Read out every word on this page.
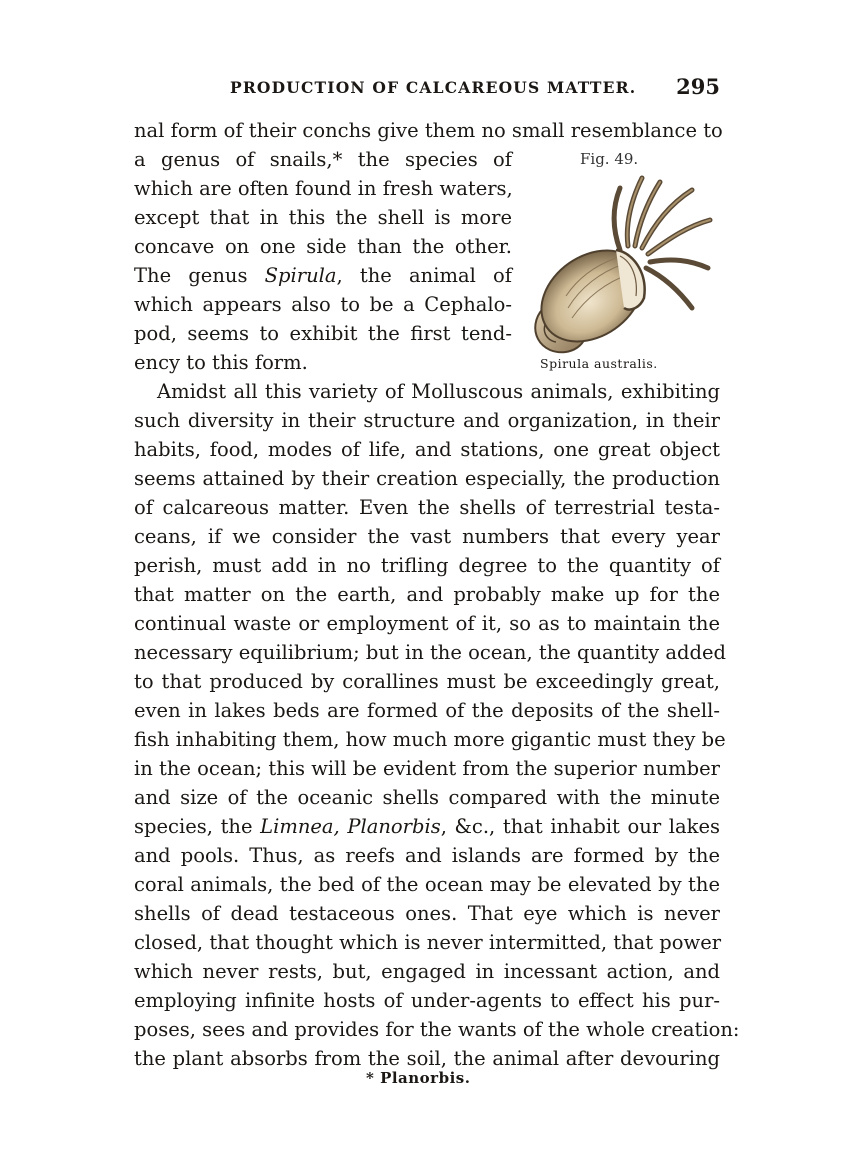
PRODUCTION OF CALCAREOUS MATTER. 295
nal form of their conchs give them no small resemblance to
a genus of snails,* the species of
which are often found in fresh waters,
except that in this the shell is more
concave on one side than the other.
The genus Spirula, the animal of
which appears also to be a Cephalo-
pod, seems to exhibit the first tend-
ency to this form.
Amidst all this variety of Molluscous animals, exhibiting
such diversity in their structure and organization, in their
habits, food, modes of life, and stations, one great object
seems attained by their creation especially, the production
of calcareous matter. Even the shells of terrestrial testa-
ceans, if we consider the vast numbers that every year
perish, must add in no trifling degree to the quantity of
that matter on the earth, and probably make up for the
continual waste or employment of it, so as to maintain the
necessary equilibrium; but in the ocean, the quantity added
to that produced by corallines must be exceedingly great,
even in lakes beds are formed of the deposits of the shell-
fish inhabiting them, how much more gigantic must they be
in the ocean; this will be evident from the superior number
and size of the oceanic shells compared with the minute
species, the Limnea, Planorbis, &c., that inhabit our lakes
and pools. Thus, as reefs and islands are formed by the
coral animals, the bed of the ocean may be elevated by the
shells of dead testaceous ones. That eye which is never
closed, that thought which is never intermitted, that power
which never rests, but, engaged in incessant action, and
employing infinite hosts of under-agents to effect his pur-
poses, sees and provides for the wants of the whole creation:
the plant absorbs from the soil, the animal after devouring
Fig. 49.
Spirula australis.
* Planorbis.
